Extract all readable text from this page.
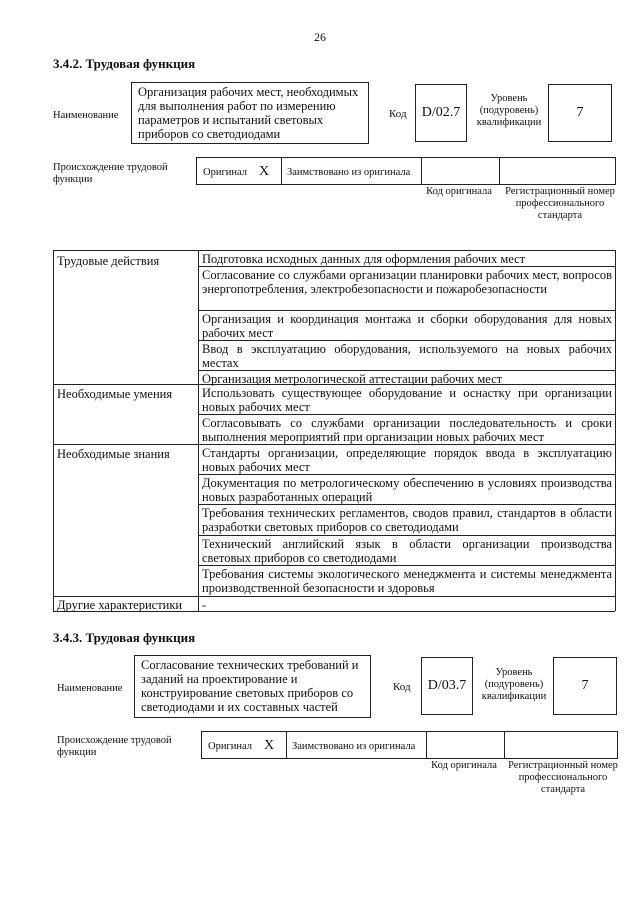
26
3.4.2. Трудовая функция
Наименование
Организация рабочих мест, необходимых для выполнения работ по измерению параметров и испытаний световых приборов со светодиодами
Код	D/02.7
Уровень (подуровень) квалификации
7
Происхождение трудовой функции
Оригинал X Заимствовано из оригинала
Код оригинала Регистрационный номер профессионального стандарта
Трудовые действия
Необходимые умения
Необходимые знания
Другие характеристики
Подготовка исходных данных для оформления рабочих мест
Согласование со службами организации планировки рабочих мест, вопросов энергопотребления, электробезопасности и пожаробезопасности
Организация и координация монтажа и сборки оборудования для новых рабочих мест
Ввод в эксплуатацию оборудования, используемого на новых рабочих местах
Организация метрологической аттестации рабочих мест
Использовать существующее оборудование и оснастку при организации новых рабочих мест
Согласовывать со службами организации последовательность и сроки выполнения мероприятий при организации новых рабочих мест
Стандарты организации, определяющие порядок ввода в эксплуатацию новых рабочих мест
Документация по метрологическому обеспечению в условиях производства новых разработанных операций
Требования технических регламентов, сводов правил, стандартов в области разработки световых приборов со светодиодами
Технический английский язык в области организации производства световых приборов со светодиодами
Требования системы экологического менеджмента и системы менеджмента производственной безопасности и здоровья
-
3.4.3. Трудовая функция
Наименование
Согласование технических требований и заданий на проектирование и конструирование световых приборов со светодиодами и их составных частей
Код	D/03.7
Уровень (подуровень) квалификации
7
Происхождение трудовой функции
Оригинал X Заимствовано из оригинала
Код оригинала Регистрационный номер профессионального стандарта
